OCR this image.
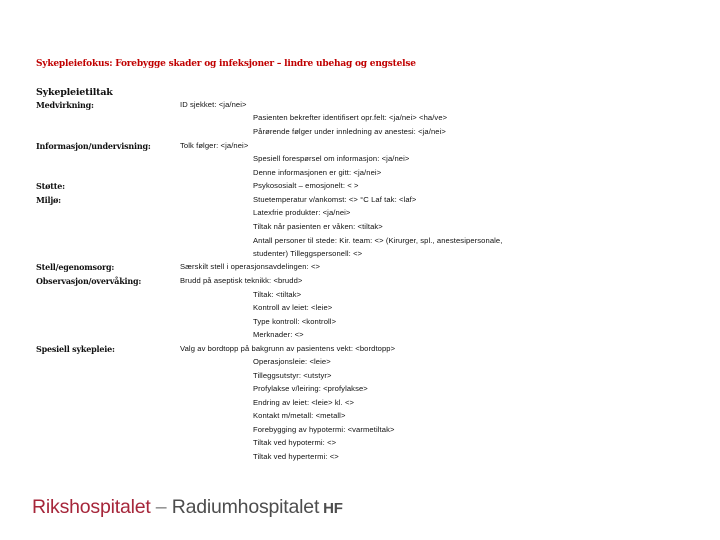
Sykepleiefokus: Forebygge skader og infeksjoner – lindre ubehag og engstelse
Sykepleietiltak
Medvirkning:
Informasjon/undervisning:
Støtte:
Miljø:
Stell/egenomsorg:
Observasjon/overvåking:
Spesiell sykepleie:
ID sjekket: <ja/nei>
Pasienten bekrefter identifisert opr.felt: <ja/nei> <ha/ve>
Pårørende følger under innledning av anestesi: <ja/nei>
Tolk følger: <ja/nei>
Spesiell forespørsel om informasjon: <ja/nei>
Denne informasjonen er gitt: <ja/nei>
Psykososialt – emosjonelt: < >
Stuetemperatur v/ankomst: <> °C Laf tak: <laf>
Latexfrie produkter: <ja/nei>
Tiltak når pasienten er våken: <tiltak>
Antall personer til stede: Kir. team: <> (Kirurger, spl., anestesipersonale,
studenter) Tilleggspersonell: <>
Særskilt stell i operasjonsavdelingen: <>
Brudd på aseptisk teknikk: <brudd>
Tiltak: <tiltak>
Kontroll av leiet: <leie>
Type kontroll: <kontroll>
Merknader: <>
Valg av bordtopp på bakgrunn av pasientens vekt: <bordtopp>
Operasjonsleie: <leie>
Tilleggsutstyr: <utstyr>
Profylakse v/leiring: <profylakse>
Endring av leiet: <leie> kl. <>
Kontakt m/metall: <metall>
Forebygging av hypotermi: <varmetiltak>
Tiltak ved hypotermi: <>
Tiltak ved hypertermi: <>
Rikshospitalet – Radiumhospitalet HF
